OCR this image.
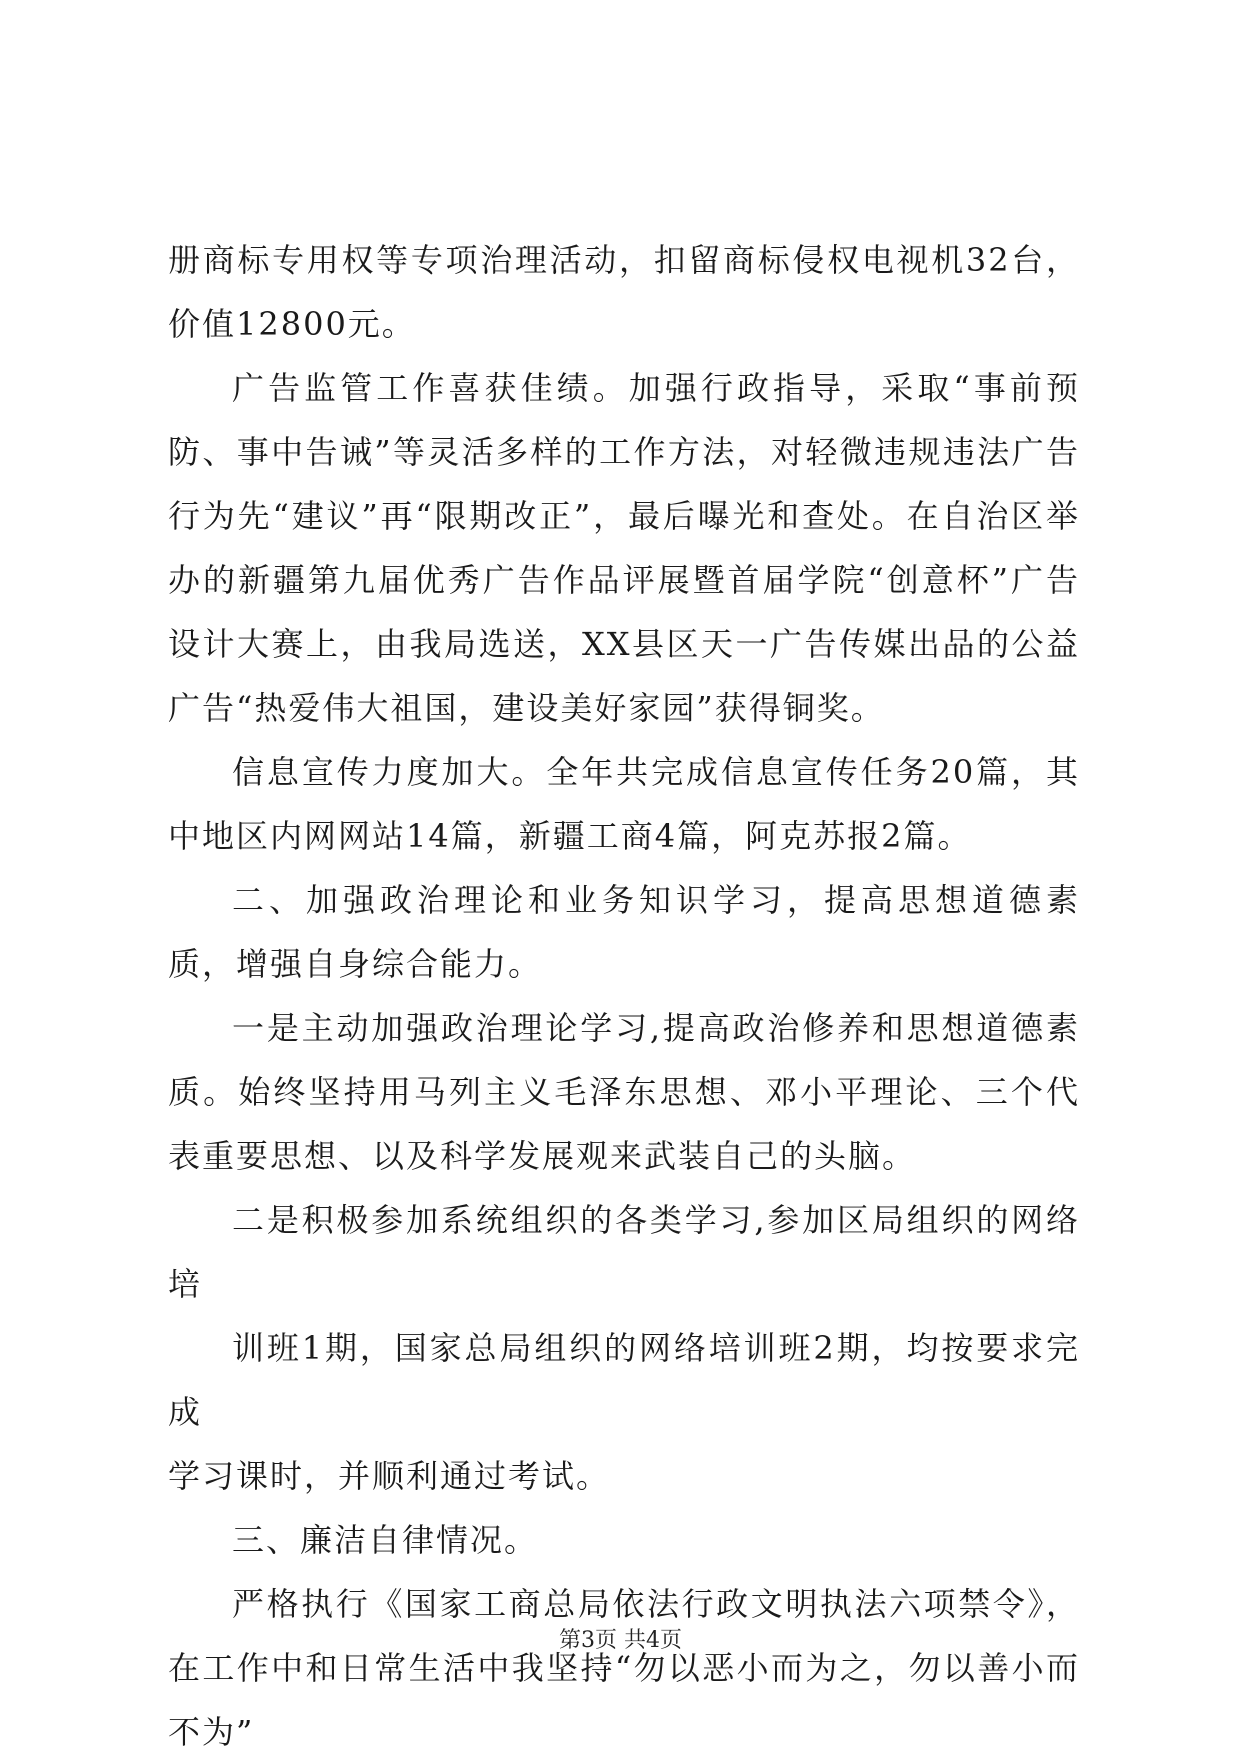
册商标专用权等专项治理活动，扣留商标侵权电视机32台，价值12800元。

广告监管工作喜获佳绩。加强行政指导，采取“事前预防、事中告诫”等灵活多样的工作方法，对轻微违规违法广告行为先“建议”再“限期改正”，最后曝光和查处。在自治区举办的新疆第九届优秀广告作品评展暨首届学院“创意杯”广告设计大赛上，由我局选送，XX县区天一广告传媒出品的公益广告“热爱伟大祖国，建设美好家园”获得铜奖。

信息宣传力度加大。全年共完成信息宣传任务20篇，其中地区内网网站14篇，新疆工商4篇，阿克苏报2篇。

二、加强政治理论和业务知识学习，提高思想道德素质，增强自身综合能力。

一是主动加强政治理论学习,提高政治修养和思想道德素质。始终坚持用马列主义毛泽东思想、邓小平理论、三个代表重要思想、以及科学发展观来武装自己的头脑。

二是积极参加系统组织的各类学习,参加区局组织的网络培

训班1期，国家总局组织的网络培训班2期，均按要求完成

学习课时，并顺利通过考试。

三、廉洁自律情况。

严格执行《国家工商总局依法行政文明执法六项禁令》，在工作中和日常生活中我坚持“勿以恶小而为之，勿以善小而不为”

第3页 共4页
